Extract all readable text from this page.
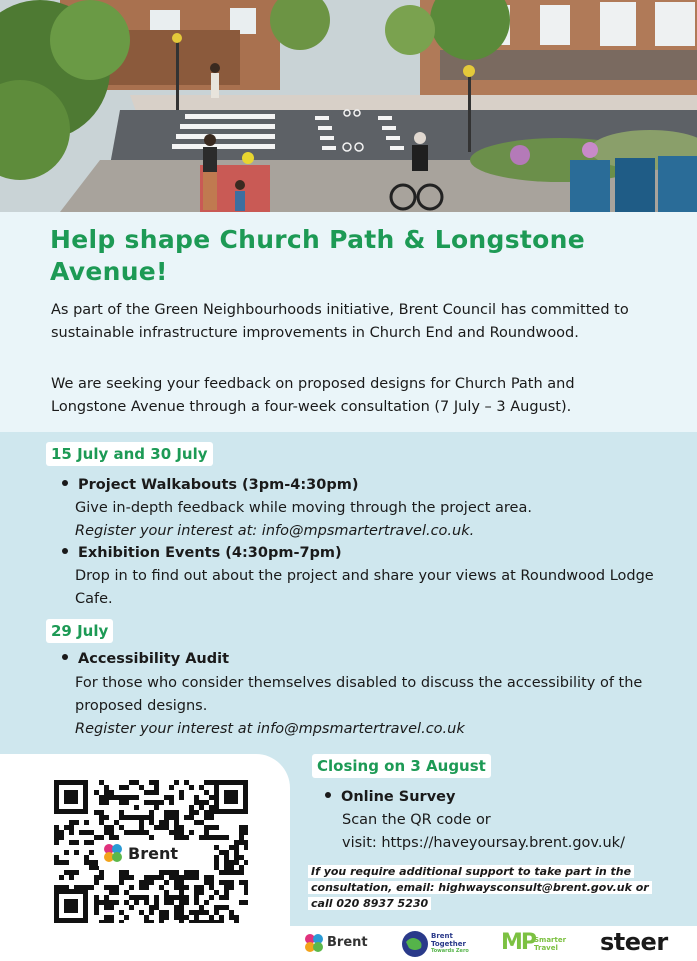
Help shape Church Path & Longstone Avenue!

As part of the Green Neighbourhoods initiative, Brent Council has committed to sustainable infrastructure improvements in Church End and Roundwood.

We are seeking your feedback on proposed designs for Church Path and Longstone Avenue through a four-week consultation (7 July – 3 August).

15 July and 30 July
Project Walkabouts (3pm-4:30pm)

Give in-depth feedback while moving through the project area.

Register your interest at: info@mpsmartertravel.co.uk.

Exhibition Events (4:30pm-7pm)

Drop in to find out about the project and share your views at Roundwood Lodge Cafe.

29 July
Accessibility Audit

For those who consider themselves disabled to discuss the accessibility of the proposed designs.

Register your interest at info@mpsmartertravel.co.uk

Brent
Closing on 3 August
Online Survey

Scan the QR code or

visit: https://haveyoursay.brent.gov.uk/

If you require additional support to take part in the consultation, email: highwaysconsult@brent.gov.uk or call 020 8937 5230

Brent	Brent
Together
Towards Zero MP
Smarter
Travel steer
